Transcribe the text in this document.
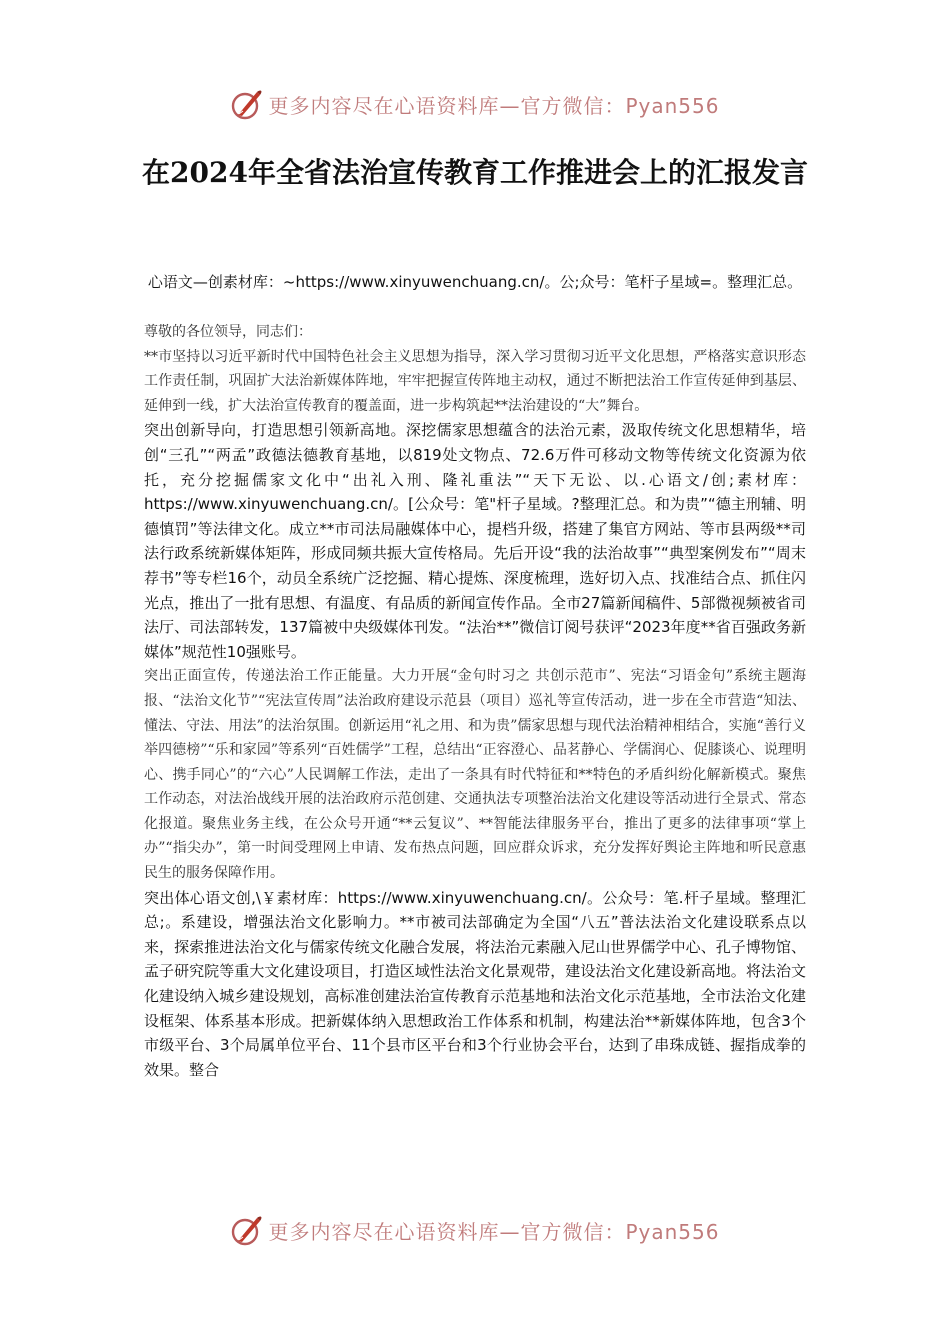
更多内容尽在心语资料库—官方微信：Pyan556
在2024年全省法治宣传教育工作推进会上的汇报发言
心语文—创素材库：~https://www.xinyuwenchuang.cn/。公;众号：笔杆子星域=。整理汇总。

尊敬的各位领导，同志们：

**市坚持以习近平新时代中国特色社会主义思想为指导，深入学习贯彻习近平文化思想，严格落实意识形态工作责任制，巩固扩大法治新媒体阵地，牢牢把握宣传阵地主动权，通过不断把法治工作宣传延伸到基层、延伸到一线，扩大法治宣传教育的覆盖面，进一步构筑起**法治建设的“大”舞台。

突出创新导向，打造思想引领新高地。深挖儒家思想蕴含的法治元素，汲取传统文化思想精华，培创“三孔”“两孟”政德法德教育基地，以819处文物点、72.6万件可移动文物等传统文化资源为依托，充分挖掘儒家文化中“出礼入刑、隆礼重法”“天下无讼、以.心语文/创;素材库：https://www.xinyuwenchuang.cn/。[公众号：笔"杆子星域。?整理汇总。和为贵”“德主刑辅、明德慎罚”等法律文化。成立**市司法局融媒体中心，提档升级，搭建了集官方网站、等市县两级**司法行政系统新媒体矩阵，形成同频共振大宣传格局。先后开设“我的法治故事”“典型案例发布”“周末荐书”等专栏16个，动员全系统广泛挖掘、精心提炼、深度梳理，选好切入点、找准结合点、抓住闪光点，推出了一批有思想、有温度、有品质的新闻宣传作品。全市27篇新闻稿件、5部微视频被省司法厅、司法部转发，137篇被中央级媒体刊发。“法治**”微信订阅号获评“2023年度**省百强政务新媒体”规范性10强账号。

突出正面宣传，传递法治工作正能量。大力开展“金句时习之 共创示范市”、宪法“习语金句”系统主题海报、“法治文化节”“宪法宣传周”法治政府建设示范县（项目）巡礼等宣传活动，进一步在全市营造“知法、懂法、守法、用法”的法治氛围。创新运用“礼之用、和为贵”儒家思想与现代法治精神相结合，实施“善行义举四德榜”“乐和家园”等系列“百姓儒学”工程，总结出“正容澄心、品茗静心、学儒润心、促膝谈心、说理明心、携手同心”的“六心”人民调解工作法，走出了一条具有时代特征和**特色的矛盾纠纷化解新模式。聚焦工作动态，对法治战线开展的法治政府示范创建、交通执法专项整治法治文化建设等活动进行全景式、常态化报道。聚焦业务主线，在公众号开通“**云复议”、**智能法律服务平台，推出了更多的法律事项“掌上办”“指尖办”，第一时间受理网上申请、发布热点问题，回应群众诉求，充分发挥好舆论主阵地和听民意惠民生的服务保障作用。

突出体心语文创,\￥素材库：https://www.xinyuwenchuang.cn/。公众号：笔.杆子星域。整理汇总;。系建设，增强法治文化影响力。**市被司法部确定为全国“八五”普法法治文化建设联系点以来，探索推进法治文化与儒家传统文化融合发展，将法治元素融入尼山世界儒学中心、孔子博物馆、孟子研究院等重大文化建设项目，打造区域性法治文化景观带，建设法治文化建设新高地。将法治文化建设纳入城乡建设规划，高标准创建法治宣传教育示范基地和法治文化示范基地，全市法治文化建设框架、体系基本形成。把新媒体纳入思想政治工作体系和机制，构建法治**新媒体阵地，包含3个市级平台、3个局属单位平台、11个县市区平台和3个行业协会平台，达到了串珠成链、握指成拳的效果。整合

更多内容尽在心语资料库—官方微信：Pyan556
